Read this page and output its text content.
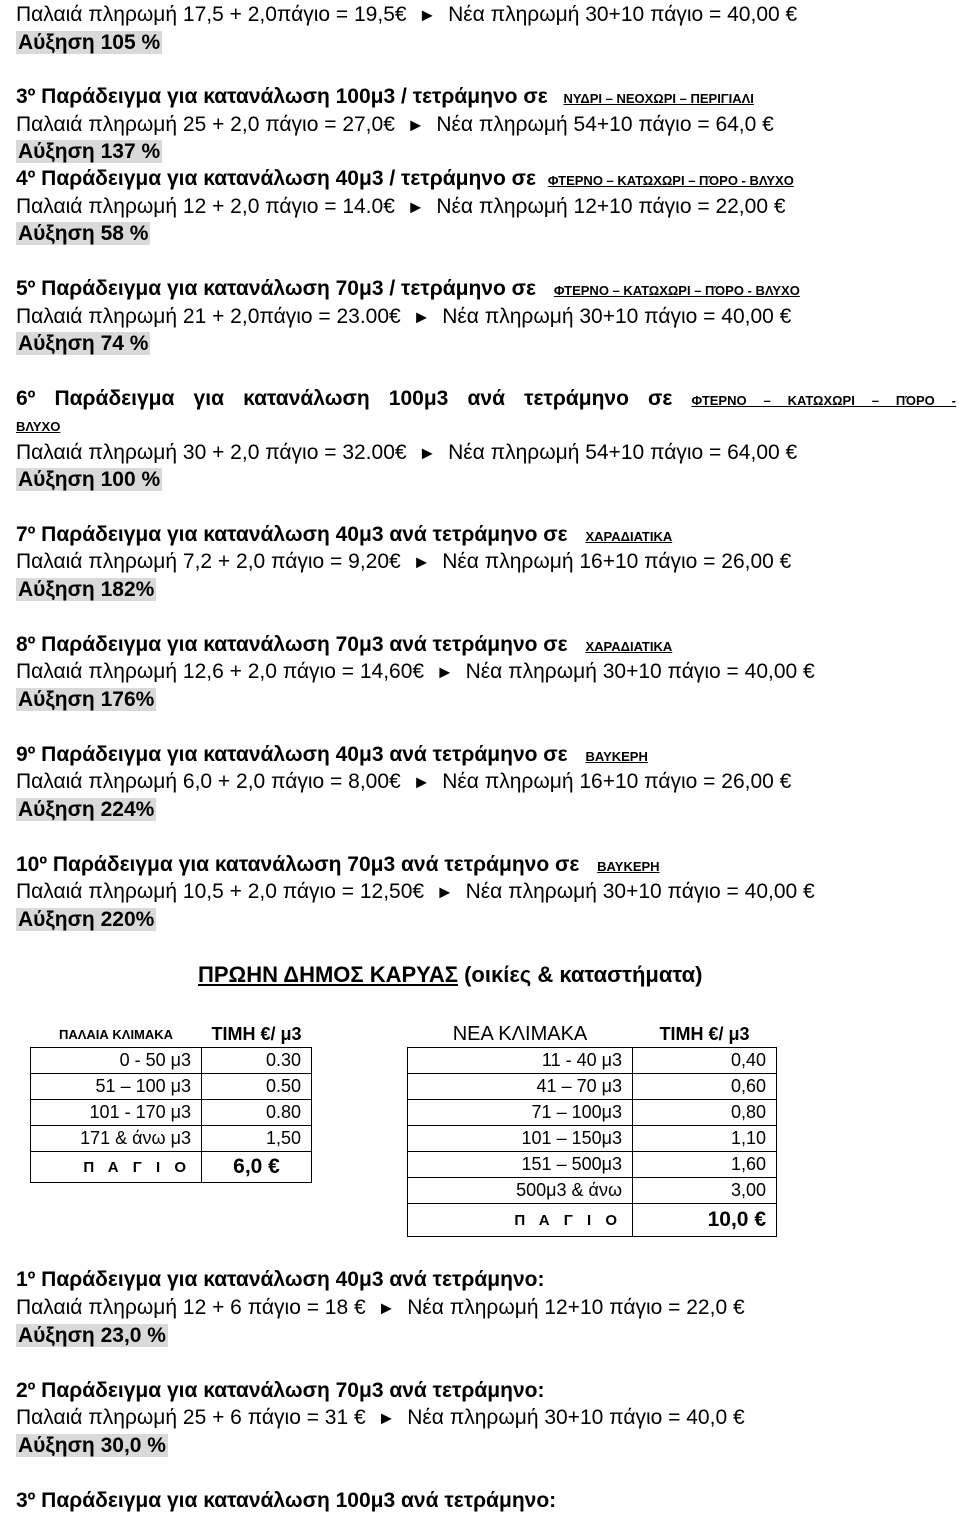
Παλαιά πληρωμή 17,5 + 2,0πάγιο = 19,5€ ► Νέα πληρωμή 30+10 πάγιο = 40,00 €
Αύξηση 105 %
3º Παράδειγμα για κατανάλωση 100μ3 / τετράμηνο σε ΝΥΔΡΙ – ΝΕΟΧΩΡΙ – ΠΕΡΙΓΙΑΛΙ
Παλαιά πληρωμή 25 + 2,0 πάγιο = 27,0€ ► Νέα πληρωμή 54+10 πάγιο = 64,0 €
Αύξηση 137 %
4º Παράδειγμα για κατανάλωση 40μ3 / τετράμηνο σε ΦΤΕΡΝΟ – ΚΑΤΩΧΩΡΙ – ΠΌΡΟ - ΒΛΥΧΟ
Παλαιά πληρωμή 12 + 2,0 πάγιο = 14.0€ ► Νέα πληρωμή 12+10 πάγιο = 22,00 €
Αύξηση 58 %
5º Παράδειγμα για κατανάλωση 70μ3 / τετράμηνο σε ΦΤΕΡΝΟ – ΚΑΤΩΧΩΡΙ – ΠΌΡΟ - ΒΛΥΧΟ
Παλαιά πληρωμή 21 + 2,0πάγιο = 23.00€ ► Νέα πληρωμή 30+10 πάγιο = 40,00 €
Αύξηση 74 %
6º Παράδειγμα για κατανάλωση 100μ3 ανά τετράμηνο σε ΦΤΕΡΝΟ – ΚΑΤΩΧΩΡΙ – ΠΌΡΟ -
ΒΛΥΧΟ
Παλαιά πληρωμή 30 + 2,0 πάγιο = 32.00€ ► Νέα πληρωμή 54+10 πάγιο = 64,00 €
Αύξηση 100 %
7º Παράδειγμα για κατανάλωση 40μ3 ανά τετράμηνο σε ΧΑΡΑΔΙΑΤΙΚΑ
Παλαιά πληρωμή 7,2 + 2,0 πάγιο = 9,20€ ► Νέα πληρωμή 16+10 πάγιο = 26,00 €
Αύξηση 182%
8º Παράδειγμα για κατανάλωση 70μ3 ανά τετράμηνο σε ΧΑΡΑΔΙΑΤΙΚΑ
Παλαιά πληρωμή 12,6 + 2,0 πάγιο = 14,60€ ► Νέα πληρωμή 30+10 πάγιο = 40,00 €
Αύξηση 176%
9º Παράδειγμα για κατανάλωση 40μ3 ανά τετράμηνο σε ΒΑΥΚΕΡΗ
Παλαιά πληρωμή 6,0 + 2,0 πάγιο = 8,00€ ► Νέα πληρωμή 16+10 πάγιο = 26,00 €
Αύξηση 224%
10º Παράδειγμα για κατανάλωση 70μ3 ανά τετράμηνο σε ΒΑΥΚΕΡΗ
Παλαιά πληρωμή 10,5 + 2,0 πάγιο = 12,50€ ► Νέα πληρωμή 30+10 πάγιο = 40,00 €
Αύξηση 220%
ΠΡΩΗΝ ΔΗΜΟΣ ΚΑΡΥΑΣ (οικίες & καταστήματα)
ΠΑΛΑΙΑ ΚΛΙΜΑΚΑ	ΤΙΜΗ €/ μ3
0 - 50 μ3	0.30
51 – 100 μ3	0.50
101 - 170 μ3	0.80
171 & άνω μ3	1,50
Π Α Γ Ι Ο	6,0 €
ΝΕΑ ΚΛΙΜΑΚΑ	ΤΙΜΗ €/ μ3
11 - 40 μ3	0,40
41 – 70 μ3	0,60
71 – 100μ3	0,80
101 – 150μ3	1,10
151 – 500μ3	1,60
500μ3 & άνω	3,00
Π Α Γ Ι Ο	10,0 €
1º Παράδειγμα για κατανάλωση 40μ3 ανά τετράμηνο:
Παλαιά πληρωμή 12 + 6 πάγιο = 18 € ► Νέα πληρωμή 12+10 πάγιο = 22,0 €
Αύξηση 23,0 %
2º Παράδειγμα για κατανάλωση 70μ3 ανά τετράμηνο:
Παλαιά πληρωμή 25 + 6 πάγιο = 31 € ► Νέα πληρωμή 30+10 πάγιο = 40,0 €
Αύξηση 30,0 %
3º Παράδειγμα για κατανάλωση 100μ3 ανά τετράμηνο:
